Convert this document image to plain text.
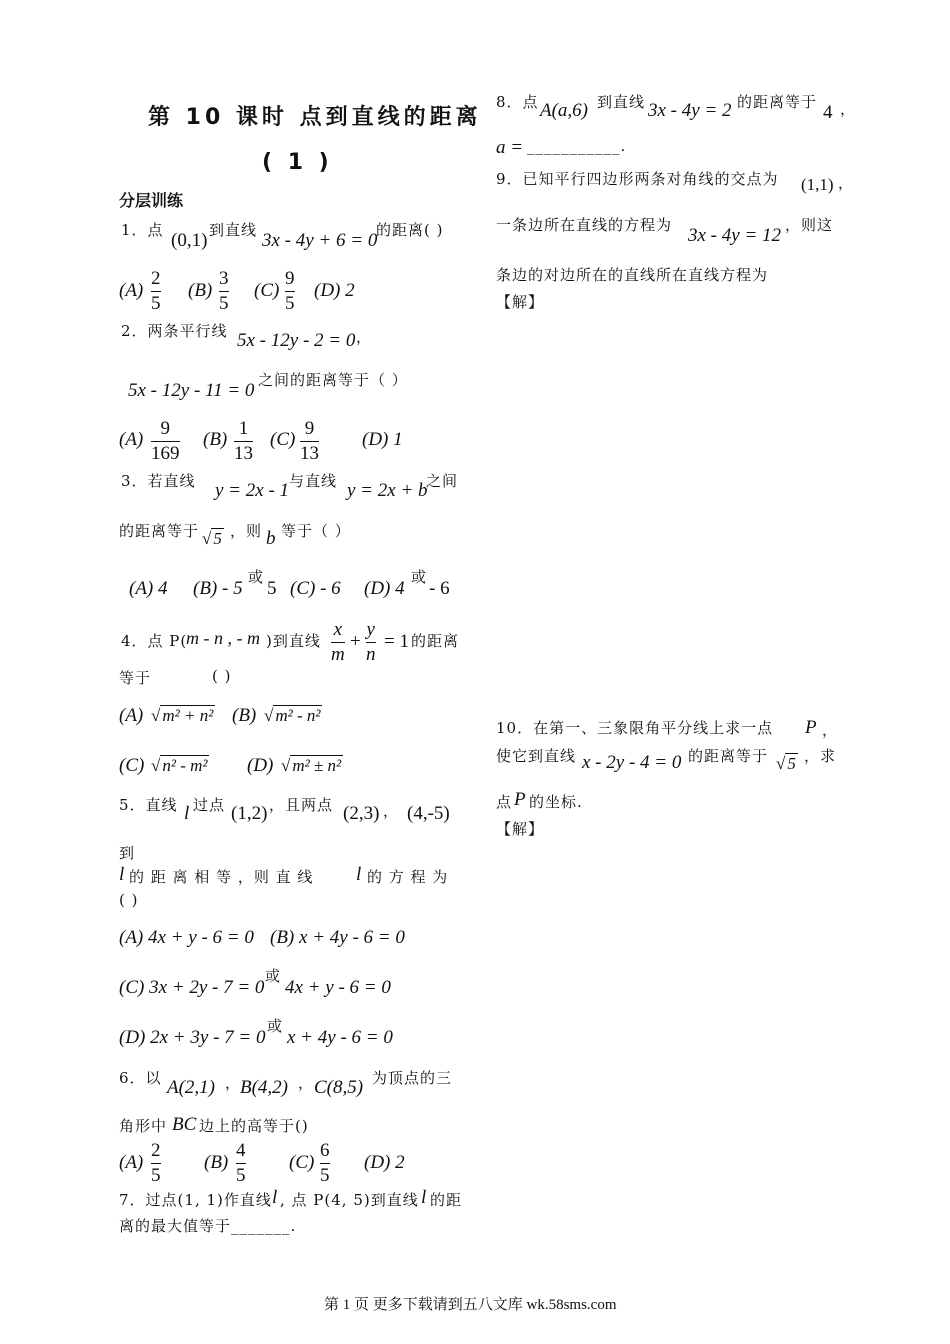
第 10 课时 点到直线的距离
( 1 )
分层训练
1．点 (0,1) 到直线 3x - 4y + 6 = 0
的距离( )
(A)
2
5
(B)
3
5
(C)
9
5
(D) 2
2．两条平行线 5x - 12y - 2 = 0 ，
5x - 12y - 11 = 0 之间的距离等于（ ）
(A)
9
169
(B)
1
13
(C)
9
13
(D) 1
3．若直线 y = 2x - 1 与直线 y = 2x + b
之间
的距离等于 √ 5 ，则 b 等于（ ）
(A) 4 (B) - 5
或
5 (C) - 6 (D) 4
或
- 6
4．点 P(
m - n , - m )到直线
x
m
+
y
n
= 1 的距离
等于	( )
(A) √ m² + n² (B) √ m² - n²
(C) √ n² - m² (D) √ m² ± n²
5．直线 l 过点 (1,2) ，且两点 (2,3) ， (4,-5)
到
l 的 距 离 相 等 ，则 直 线 l 的 方 程 为
( )
(A) 4x + y - 6 = 0 (B) x + 4y - 6 = 0
(C) 3x + 2y - 7 = 0
或
4x + y - 6 = 0
(D) 2x + 3y - 7 = 0
或
x + 4y - 6 = 0
6．以 A(2,1) ，
B(4,2) ， C(8,5) 为顶点的三
角形中 BC 边上的高等于()
(A)
2
5
(B)
4
5
(C)
6
5
(D) 2
7．过点(1, 1)作直线 l , 点 P(4, 5)到直线 l 的距
离的最大值等于_______.
8．点 A(a,6) 到直线 3x - 4y = 2 的距离等于 4 ，
a = ___________.
9．已知平行四边形两条对角线的交点为 (1,1) ，
一条边所在直线的方程为 3x - 4y = 12 ，则这
条边的对边所在的直线所在直线方程为
【解】
10．在第一、三象限角平分线上求一点 P ，
使它到直线 x - 2y - 4 = 0 的距离等于 √ 5 ，求
点 P 的坐标.
【解】
第 1 页 更多下载请到五八文库 wk.58sms.com
